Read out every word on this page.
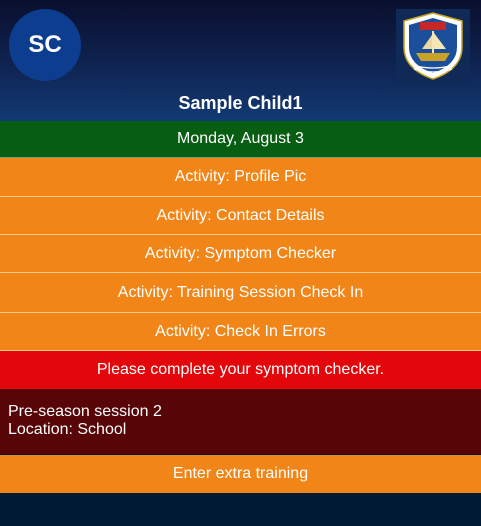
SC
Sample Child1
Monday, August 3
Activity: Profile Pic
Activity: Contact Details
Activity: Symptom Checker
Activity: Training Session Check In
Activity: Check In Errors
Please complete your symptom checker.
Pre-season session 2
Location: School
Enter extra training
